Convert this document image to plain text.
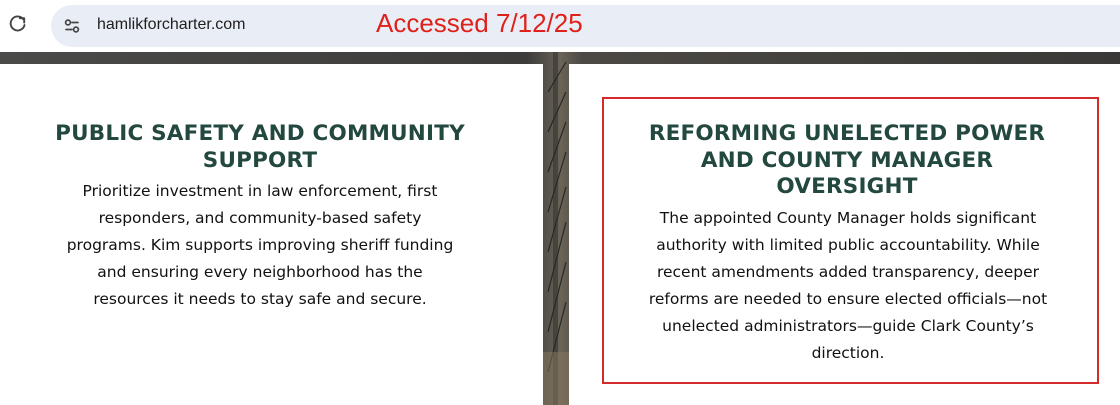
hamlikforcharter.com	Accessed 7/12/25
PUBLIC SAFETY AND COMMUNITY
SUPPORT
Prioritize investment in law enforcement, first
responders, and community-based safety
programs. Kim supports improving sheriff funding
and ensuring every neighborhood has the
resources it needs to stay safe and secure.
REFORMING UNELECTED POWER
AND COUNTY MANAGER
OVERSIGHT
The appointed County Manager holds significant
authority with limited public accountability. While
recent amendments added transparency, deeper
reforms are needed to ensure elected officials—not
unelected administrators—guide Clark County’s
direction.
